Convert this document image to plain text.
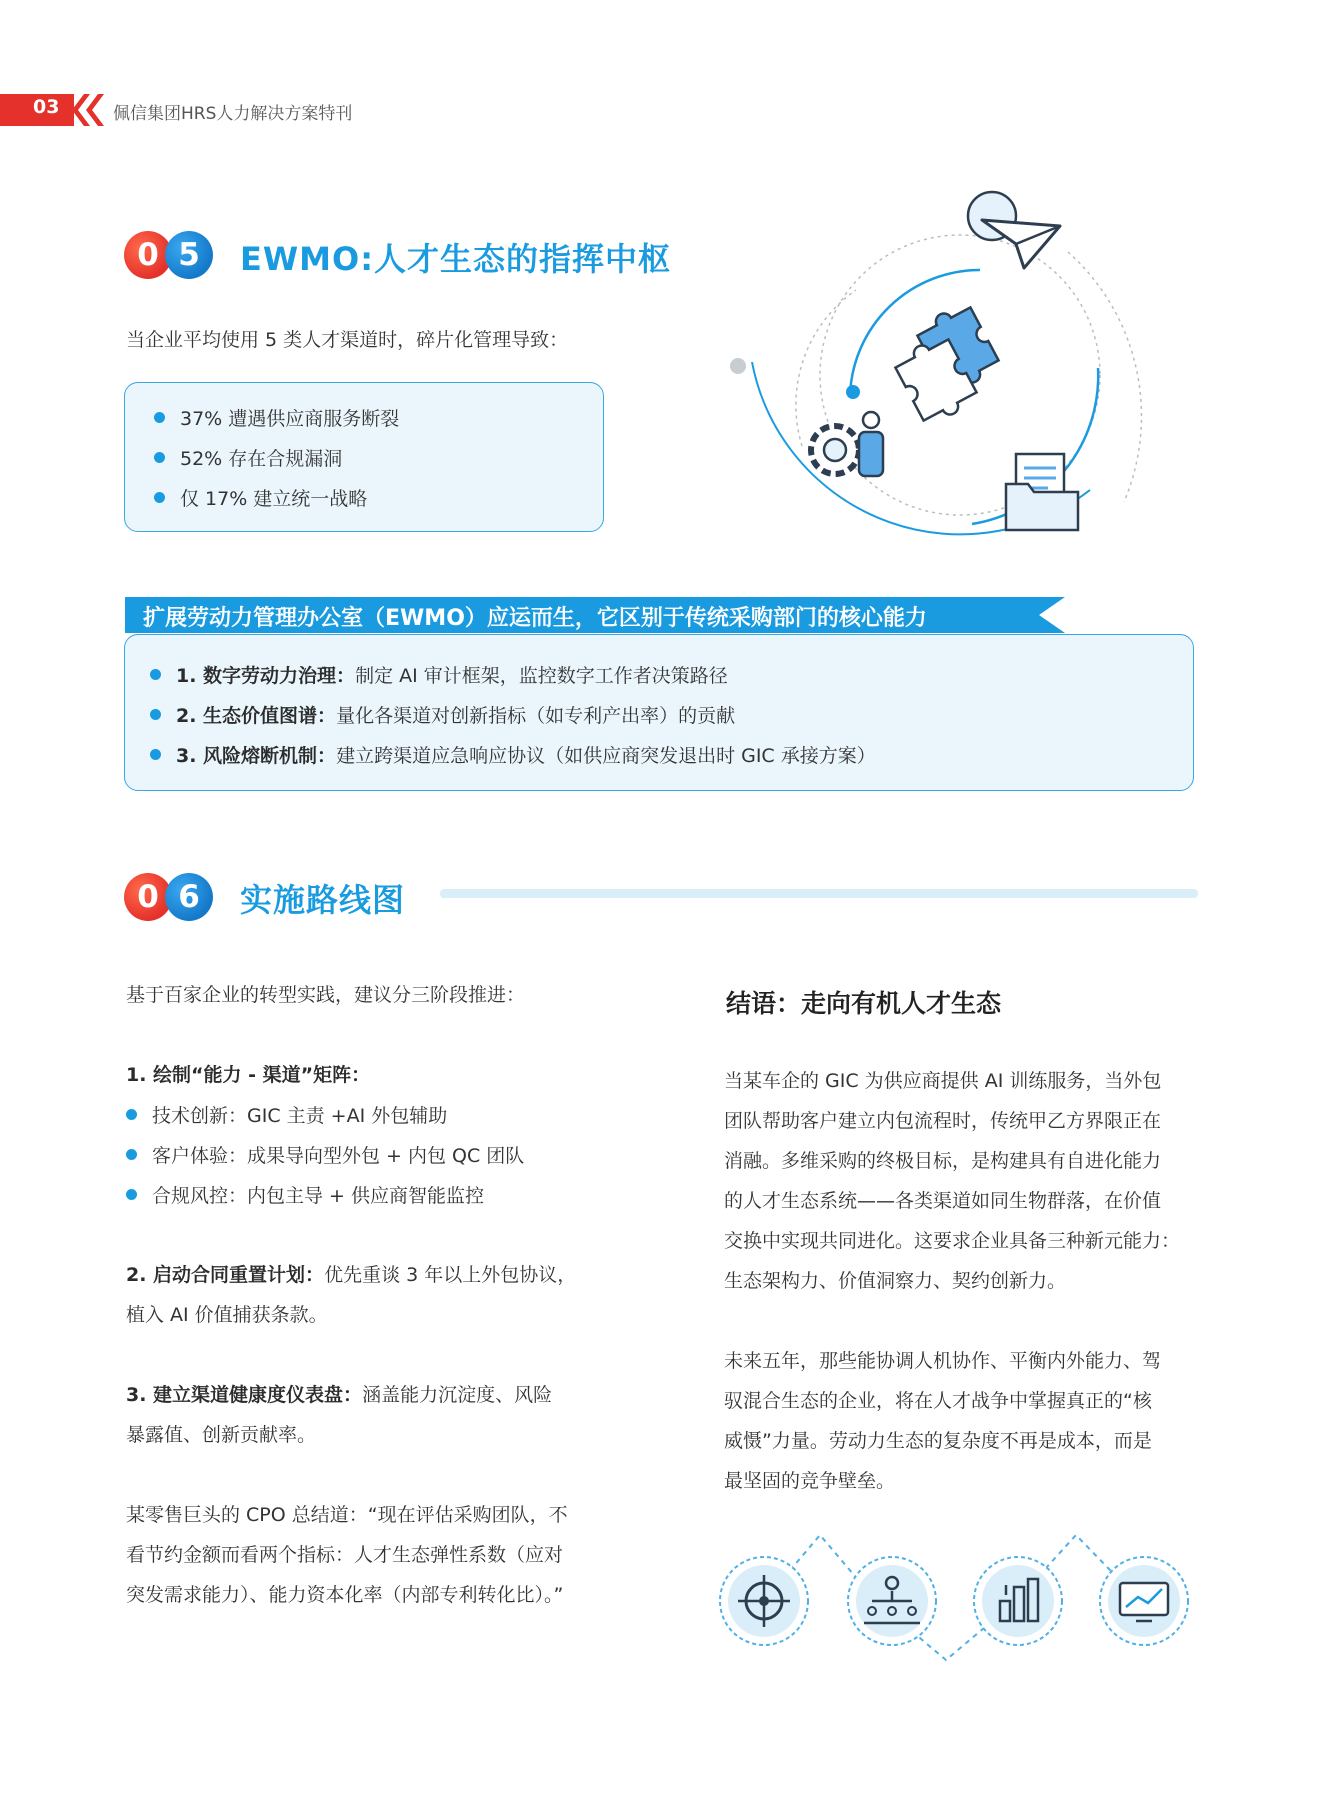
03	佩信集团HRS人力解决方案特刊
0 5	EWMO:人才生态的指挥中枢
当企业平均使用 5 类人才渠道时，碎片化管理导致：
37% 遭遇供应商服务断裂
52% 存在合规漏洞
仅 17% 建立统一战略
扩展劳动力管理办公室（EWMO）应运而生，它区别于传统采购部门的核心能力
1. 数字劳动力治理：制定 AI 审计框架，监控数字工作者决策路径
2. 生态价值图谱：量化各渠道对创新指标（如专利产出率）的贡献
3. 风险熔断机制：建立跨渠道应急响应协议（如供应商突发退出时 GIC 承接方案）
0 6	实施路线图
基于百家企业的转型实践，建议分三阶段推进：
1. 绘制“能力 - 渠道”矩阵：
技术创新：GIC 主责 +AI 外包辅助
客户体验：成果导向型外包 + 内包 QC 团队
合规风控：内包主导 + 供应商智能监控
2. 启动合同重置计划：优先重谈 3 年以上外包协议，
植入 AI 价值捕获条款。
3. 建立渠道健康度仪表盘：涵盖能力沉淀度、风险
暴露值、创新贡献率。
某零售巨头的 CPO 总结道：“现在评估采购团队，不
看节约金额而看两个指标：人才生态弹性系数（应对
突发需求能力）、能力资本化率（内部专利转化比）。”
结语：走向有机人才生态
当某车企的 GIC 为供应商提供 AI 训练服务，当外包
团队帮助客户建立内包流程时，传统甲乙方界限正在
消融。多维采购的终极目标，是构建具有自进化能力
的人才生态系统——各类渠道如同生物群落，在价值
交换中实现共同进化。这要求企业具备三种新元能力：
生态架构力、价值洞察力、契约创新力。
未来五年，那些能协调人机协作、平衡内外能力、驾
驭混合生态的企业，将在人才战争中掌握真正的“核
威慑”力量。劳动力生态的复杂度不再是成本，而是
最坚固的竞争壁垒。
